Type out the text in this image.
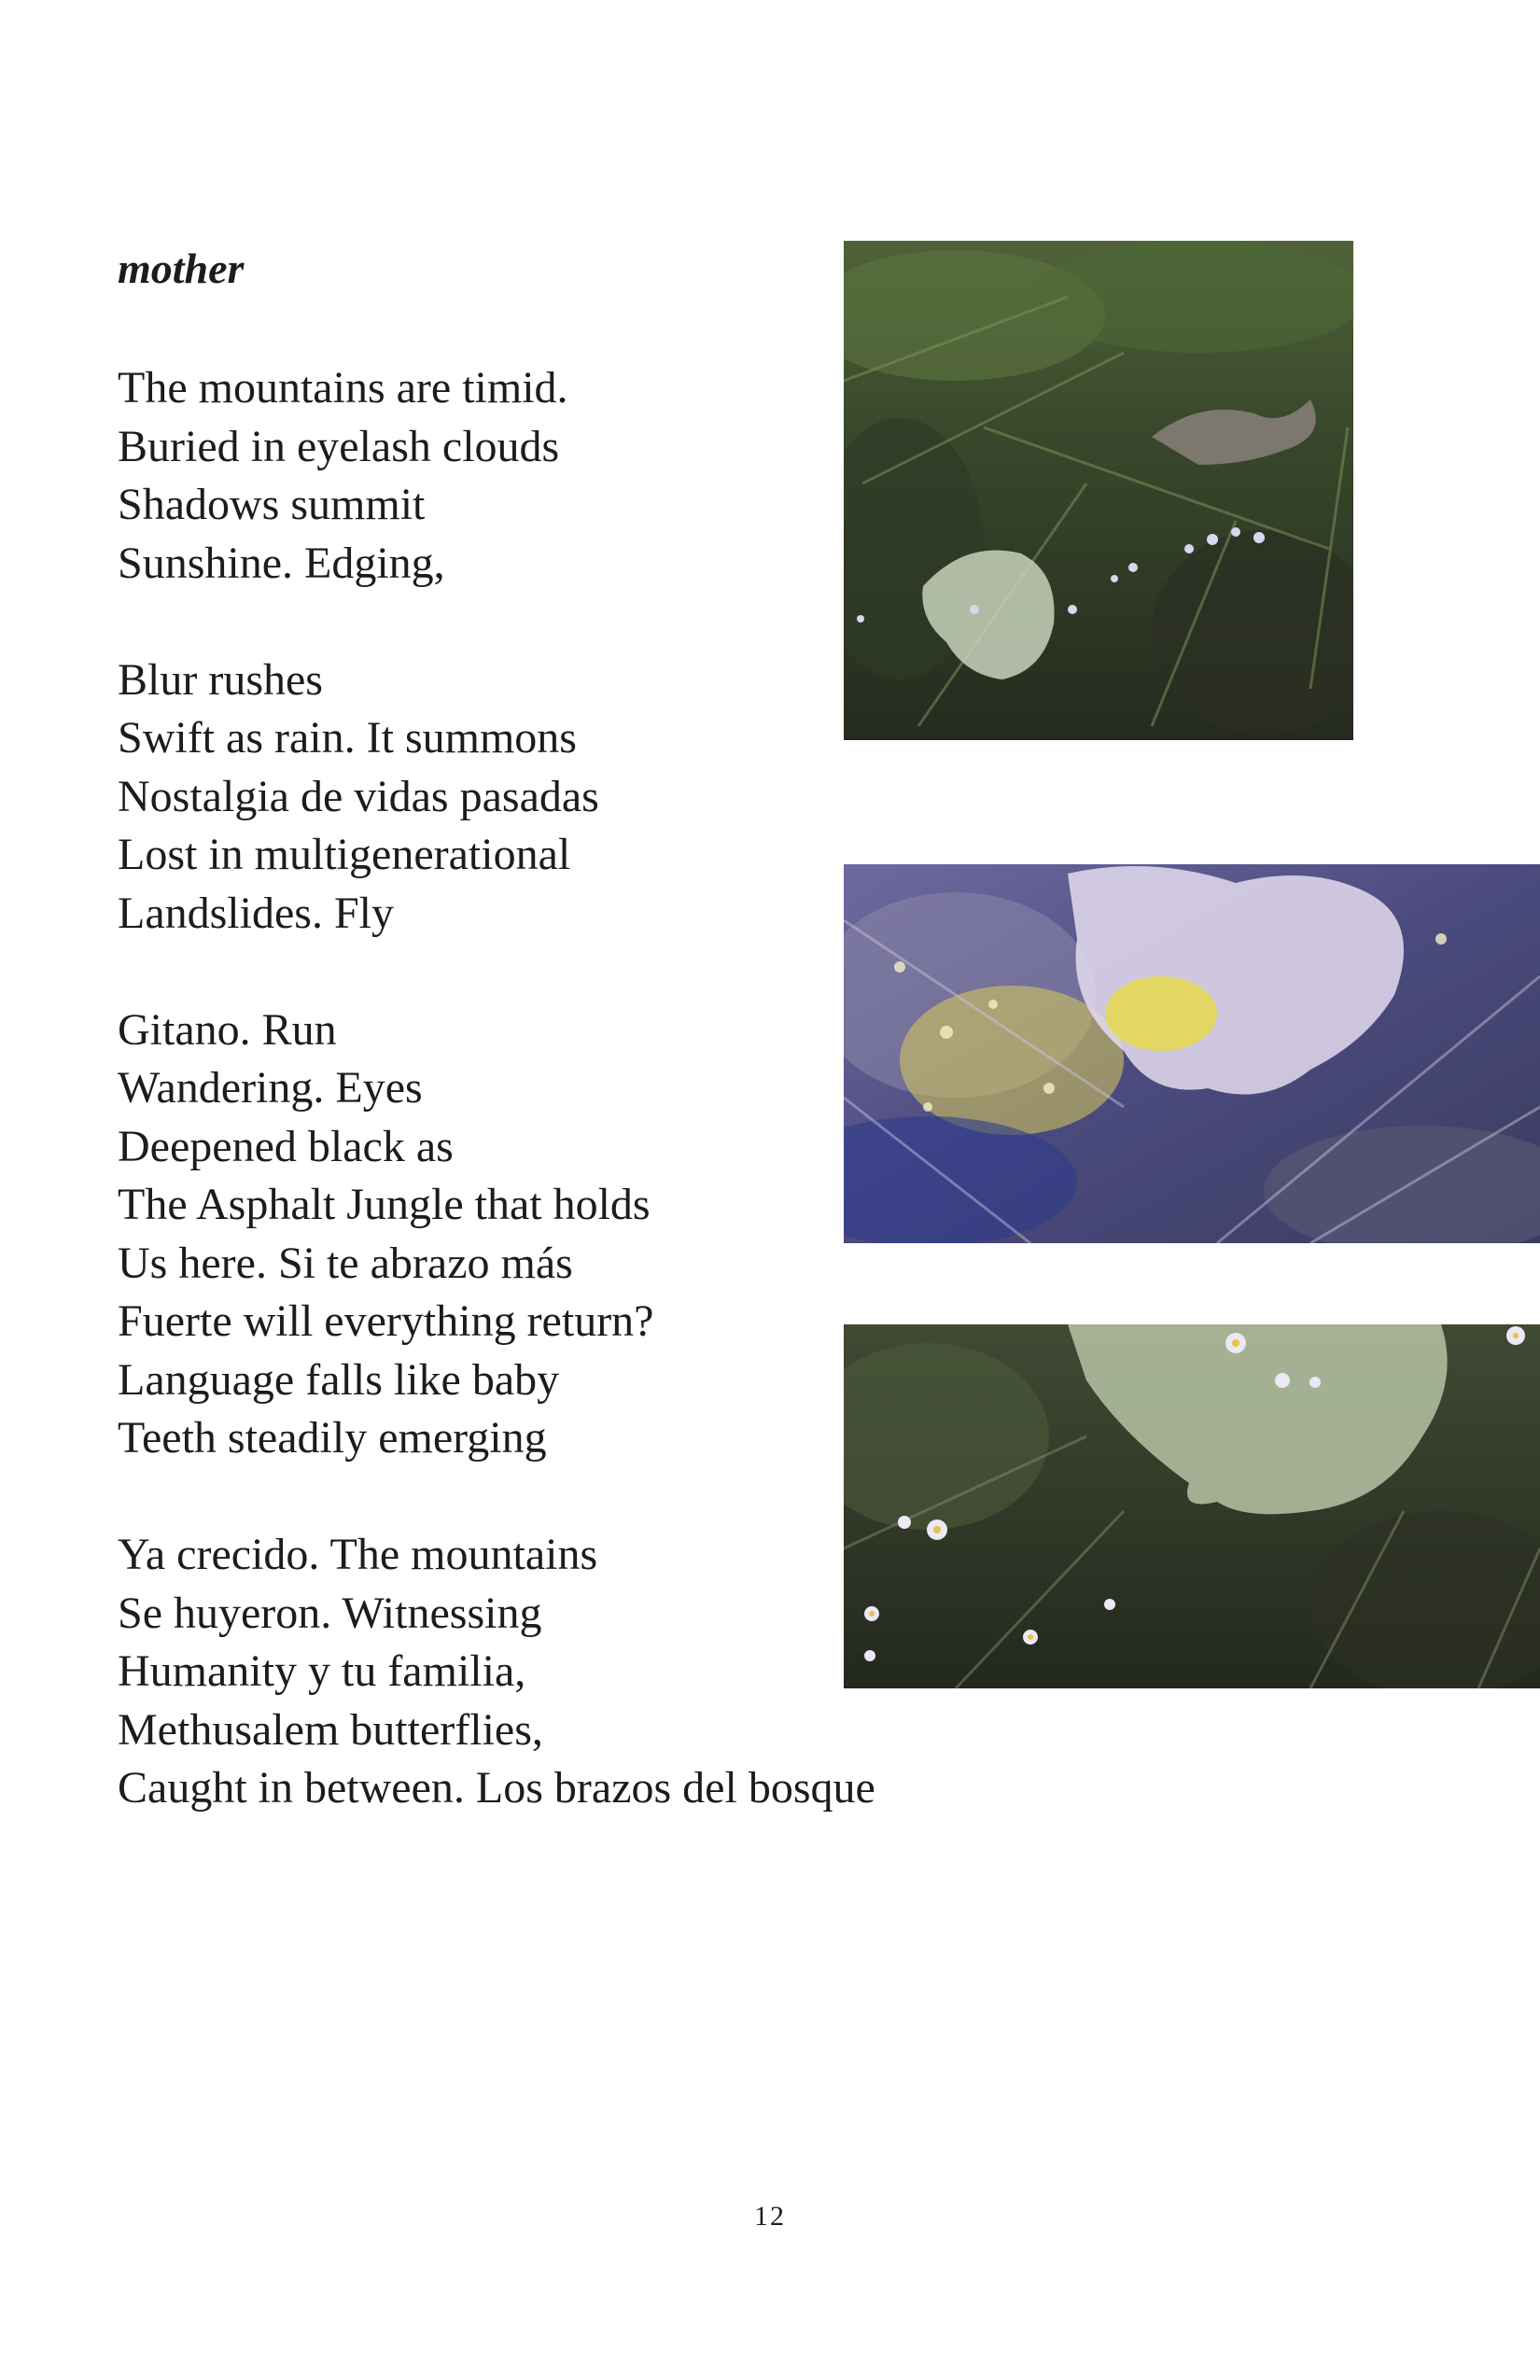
mother
The mountains are timid.
Buried in eyelash clouds
Shadows summit
Sunshine. Edging,
Blur rushes
Swift as rain. It summons
Nostalgia de vidas pasadas
Lost in multigenerational
Landslides. Fly
Gitano. Run
Wandering. Eyes
Deepened black as
The Asphalt Jungle that holds
Us here. Si te abrazo más
Fuerte will everything return?
Language falls like baby
Teeth steadily emerging
Ya crecido. The mountains
Se huyeron. Witnessing
Humanity y tu familia,
Methusalem butterflies,
Caught in between. Los brazos del bosque
12
